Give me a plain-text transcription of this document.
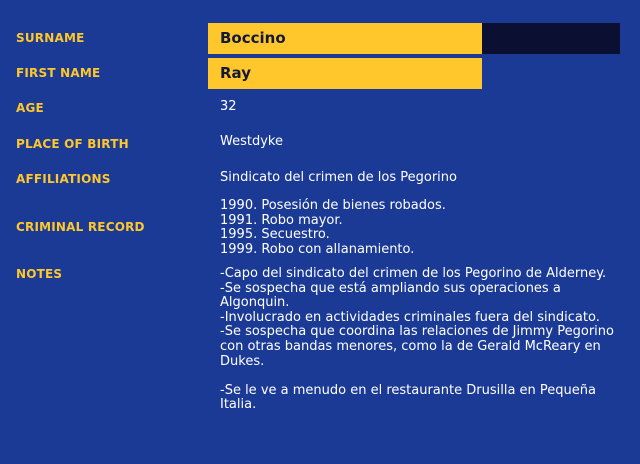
SURNAME	Boccino
FIRST NAME	Ray
AGE	32
PLACE OF BIRTH	Westdyke
AFFILIATIONS	Sindicato del crimen de los Pegorino
CRIMINAL RECORD
1990. Posesión de bienes robados.
1991. Robo mayor.
1995. Secuestro.
1999. Robo con allanamiento.
NOTES	-Capo del sindicato del crimen de los Pegorino de Alderney.

-Se sospecha que está ampliando sus operaciones a Algonquin.

-Involucrado en actividades criminales fuera del sindicato.

-Se sospecha que coordina las relaciones de Jimmy Pegorino con otras bandas menores, como la de Gerald McReary en Dukes.

-Se le ve a menudo en el restaurante Drusilla en Pequeña Italia.
